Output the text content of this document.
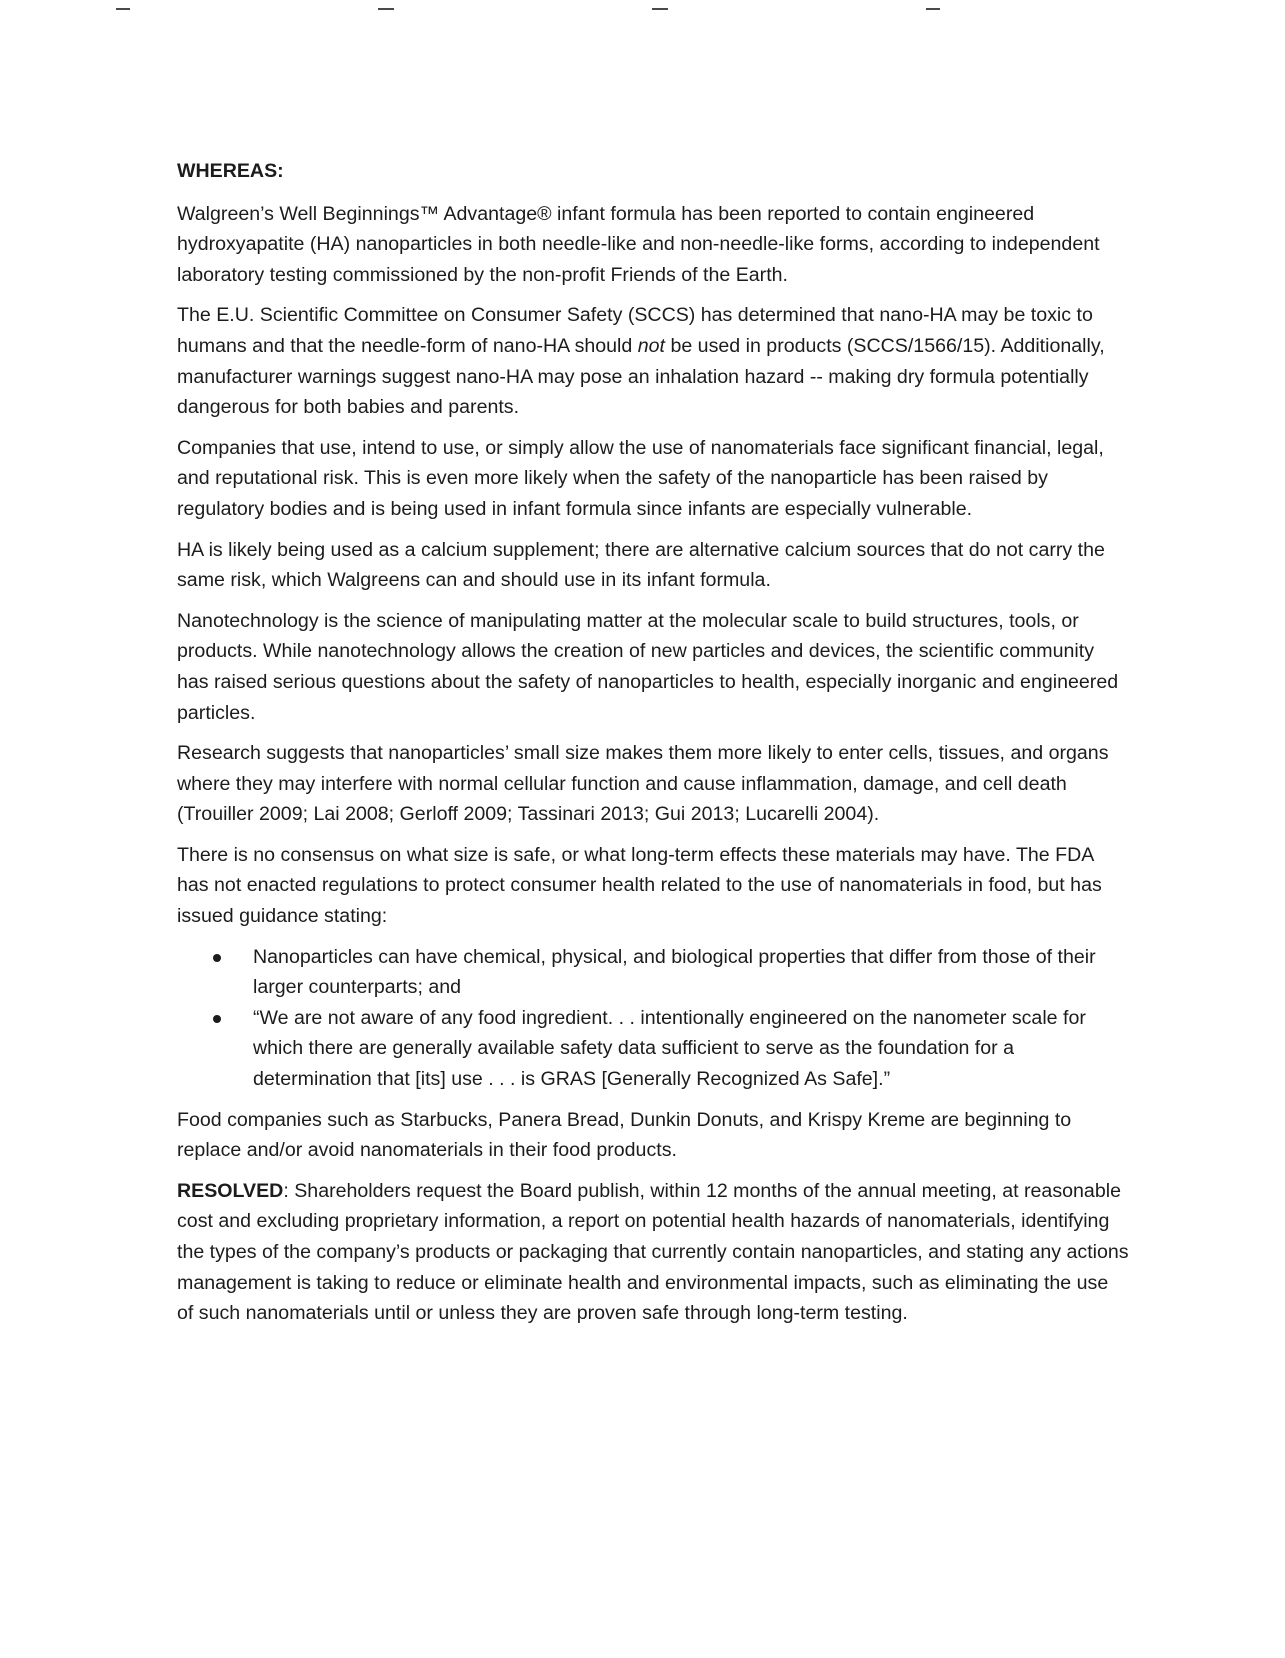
WHEREAS:

Walgreen’s Well Beginnings™ Advantage® infant formula has been reported to contain engineered hydroxyapatite (HA) nanoparticles in both needle-like and non-needle-like forms, according to independent laboratory testing commissioned by the non-profit Friends of the Earth.

The E.U. Scientific Committee on Consumer Safety (SCCS) has determined that nano-HA may be toxic to humans and that the needle-form of nano-HA should not be used in products (SCCS/1566/15). Additionally, manufacturer warnings suggest nano-HA may pose an inhalation hazard -- making dry formula potentially dangerous for both babies and parents.

Companies that use, intend to use, or simply allow the use of nanomaterials face significant financial, legal, and reputational risk. This is even more likely when the safety of the nanoparticle has been raised by regulatory bodies and is being used in infant formula since infants are especially vulnerable.

HA is likely being used as a calcium supplement; there are alternative calcium sources that do not carry the same risk, which Walgreens can and should use in its infant formula.

Nanotechnology is the science of manipulating matter at the molecular scale to build structures, tools, or products. While nanotechnology allows the creation of new particles and devices, the scientific community has raised serious questions about the safety of nanoparticles to health, especially inorganic and engineered particles.

Research suggests that nanoparticles’ small size makes them more likely to enter cells, tissues, and organs where they may interfere with normal cellular function and cause inflammation, damage, and cell death (Trouiller 2009; Lai 2008; Gerloff 2009; Tassinari 2013; Gui 2013; Lucarelli 2004).

There is no consensus on what size is safe, or what long-term effects these materials may have. The FDA has not enacted regulations to protect consumer health related to the use of nanomaterials in food, but has issued guidance stating:

Nanoparticles can have chemical, physical, and biological properties that differ from those of their larger counterparts; and
“We are not aware of any food ingredient. . . intentionally engineered on the nanometer scale for which there are generally available safety data sufficient to serve as the foundation for a determination that [its] use . . . is GRAS [Generally Recognized As Safe].”

Food companies such as Starbucks, Panera Bread, Dunkin Donuts, and Krispy Kreme are beginning to replace and/or avoid nanomaterials in their food products.

RESOLVED: Shareholders request the Board publish, within 12 months of the annual meeting, at reasonable cost and excluding proprietary information, a report on potential health hazards of nanomaterials, identifying the types of the company’s products or packaging that currently contain nanoparticles, and stating any actions management is taking to reduce or eliminate health and environmental impacts, such as eliminating the use of such nanomaterials until or unless they are proven safe through long-term testing.
